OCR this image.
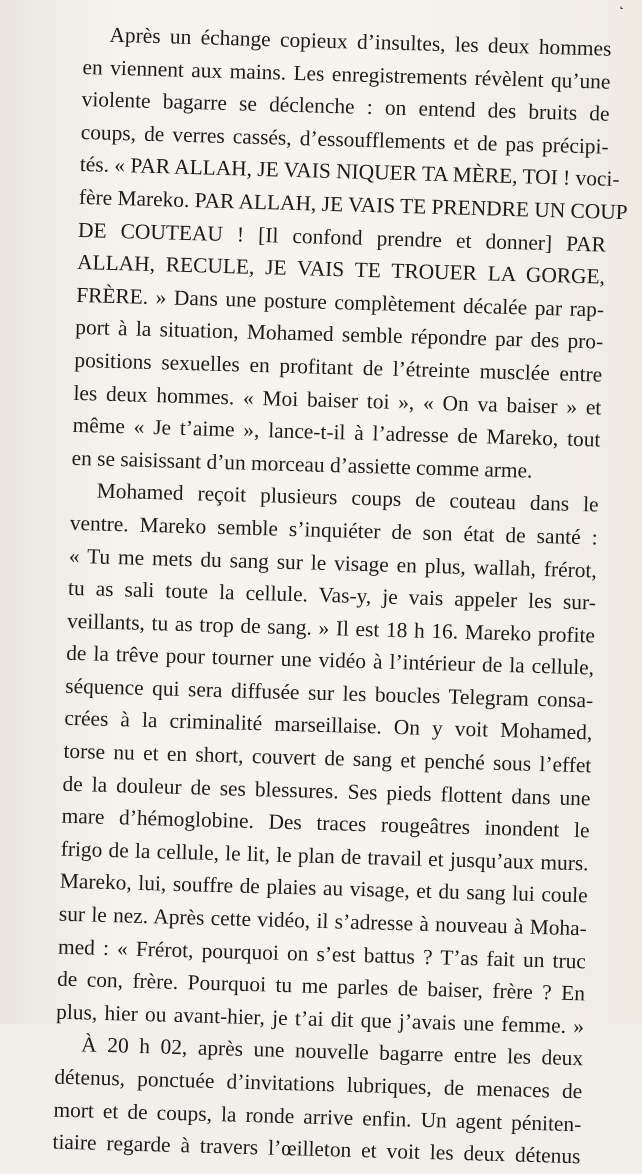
˛
Après un échange copieux d’insultes, les deux hommes
en viennent aux mains. Les enregistrements révèlent qu’une
violente bagarre se déclenche : on entend des bruits de
coups, de verres cassés, d’essoufflements et de pas précipi-
tés. « PAR ALLAH, JE VAIS NIQUER TA MÈRE, TOI ! voci-
fère Mareko. PAR ALLAH, JE VAIS TE PRENDRE UN COUP
DE COUTEAU ! [Il confond prendre et donner] PAR
ALLAH, RECULE, JE VAIS TE TROUER LA GORGE,
FRÈRE. » Dans une posture complètement décalée par rap-
port à la situation, Mohamed semble répondre par des pro-
positions sexuelles en profitant de l’étreinte musclée entre
les deux hommes. « Moi baiser toi », « On va baiser » et
même « Je t’aime », lance-t-il à l’adresse de Mareko, tout
en se saisissant d’un morceau d’assiette comme arme.
Mohamed reçoit plusieurs coups de couteau dans le
ventre. Mareko semble s’inquiéter de son état de santé :
« Tu me mets du sang sur le visage en plus, wallah, frérot,
tu as sali toute la cellule. Vas-y, je vais appeler les sur-
veillants, tu as trop de sang. » Il est 18 h 16. Mareko profite
de la trêve pour tourner une vidéo à l’intérieur de la cellule,
séquence qui sera diffusée sur les boucles Telegram consa-
crées à la criminalité marseillaise. On y voit Mohamed,
torse nu et en short, couvert de sang et penché sous l’effet
de la douleur de ses blessures. Ses pieds flottent dans une
mare d’hémoglobine. Des traces rougeâtres inondent le
frigo de la cellule, le lit, le plan de travail et jusqu’aux murs.
Mareko, lui, souffre de plaies au visage, et du sang lui coule
sur le nez. Après cette vidéo, il s’adresse à nouveau à Moha-
med : « Frérot, pourquoi on s’est battus ? T’as fait un truc
de con, frère. Pourquoi tu me parles de baiser, frère ? En
plus, hier ou avant-hier, je t’ai dit que j’avais une femme. »
À 20 h 02, après une nouvelle bagarre entre les deux
détenus, ponctuée d’invitations lubriques, de menaces de
mort et de coups, la ronde arrive enfin. Un agent péniten-
tiaire regarde à travers l’œilleton et voit les deux détenus
